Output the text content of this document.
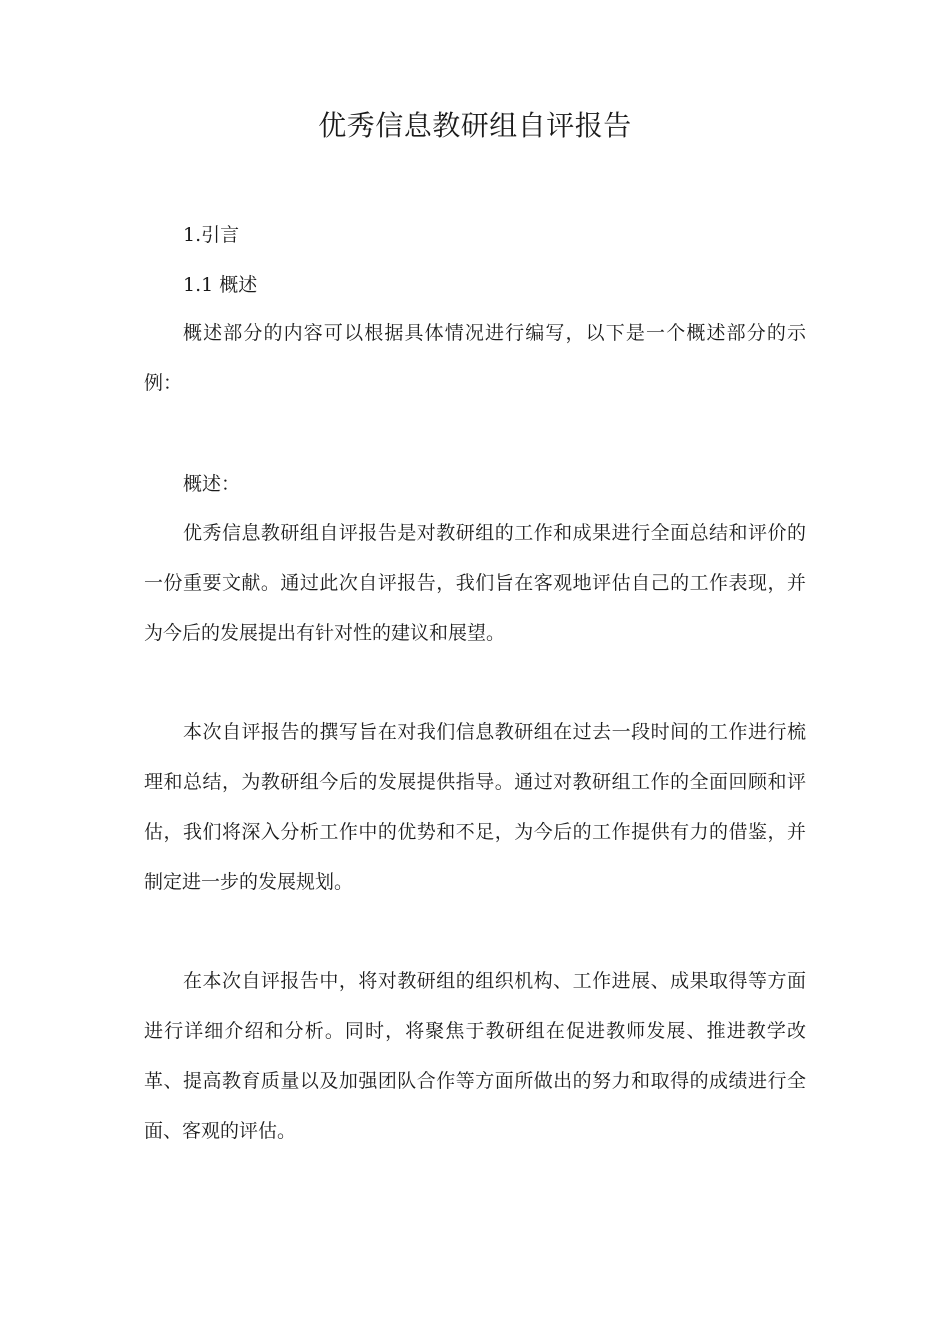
优秀信息教研组自评报告
1.引言
1.1 概述
概述部分的内容可以根据具体情况进行编写，以下是一个概述部分的示例：
概述：
优秀信息教研组自评报告是对教研组的工作和成果进行全面总结和评价的一份重要文献。通过此次自评报告，我们旨在客观地评估自己的工作表现，并为今后的发展提出有针对性的建议和展望。
本次自评报告的撰写旨在对我们信息教研组在过去一段时间的工作进行梳理和总结，为教研组今后的发展提供指导。通过对教研组工作的全面回顾和评估，我们将深入分析工作中的优势和不足，为今后的工作提供有力的借鉴，并制定进一步的发展规划。
在本次自评报告中，将对教研组的组织机构、工作进展、成果取得等方面进行详细介绍和分析。同时，将聚焦于教研组在促进教师发展、推进教学改革、提高教育质量以及加强团队合作等方面所做出的努力和取得的成绩进行全面、客观的评估。
